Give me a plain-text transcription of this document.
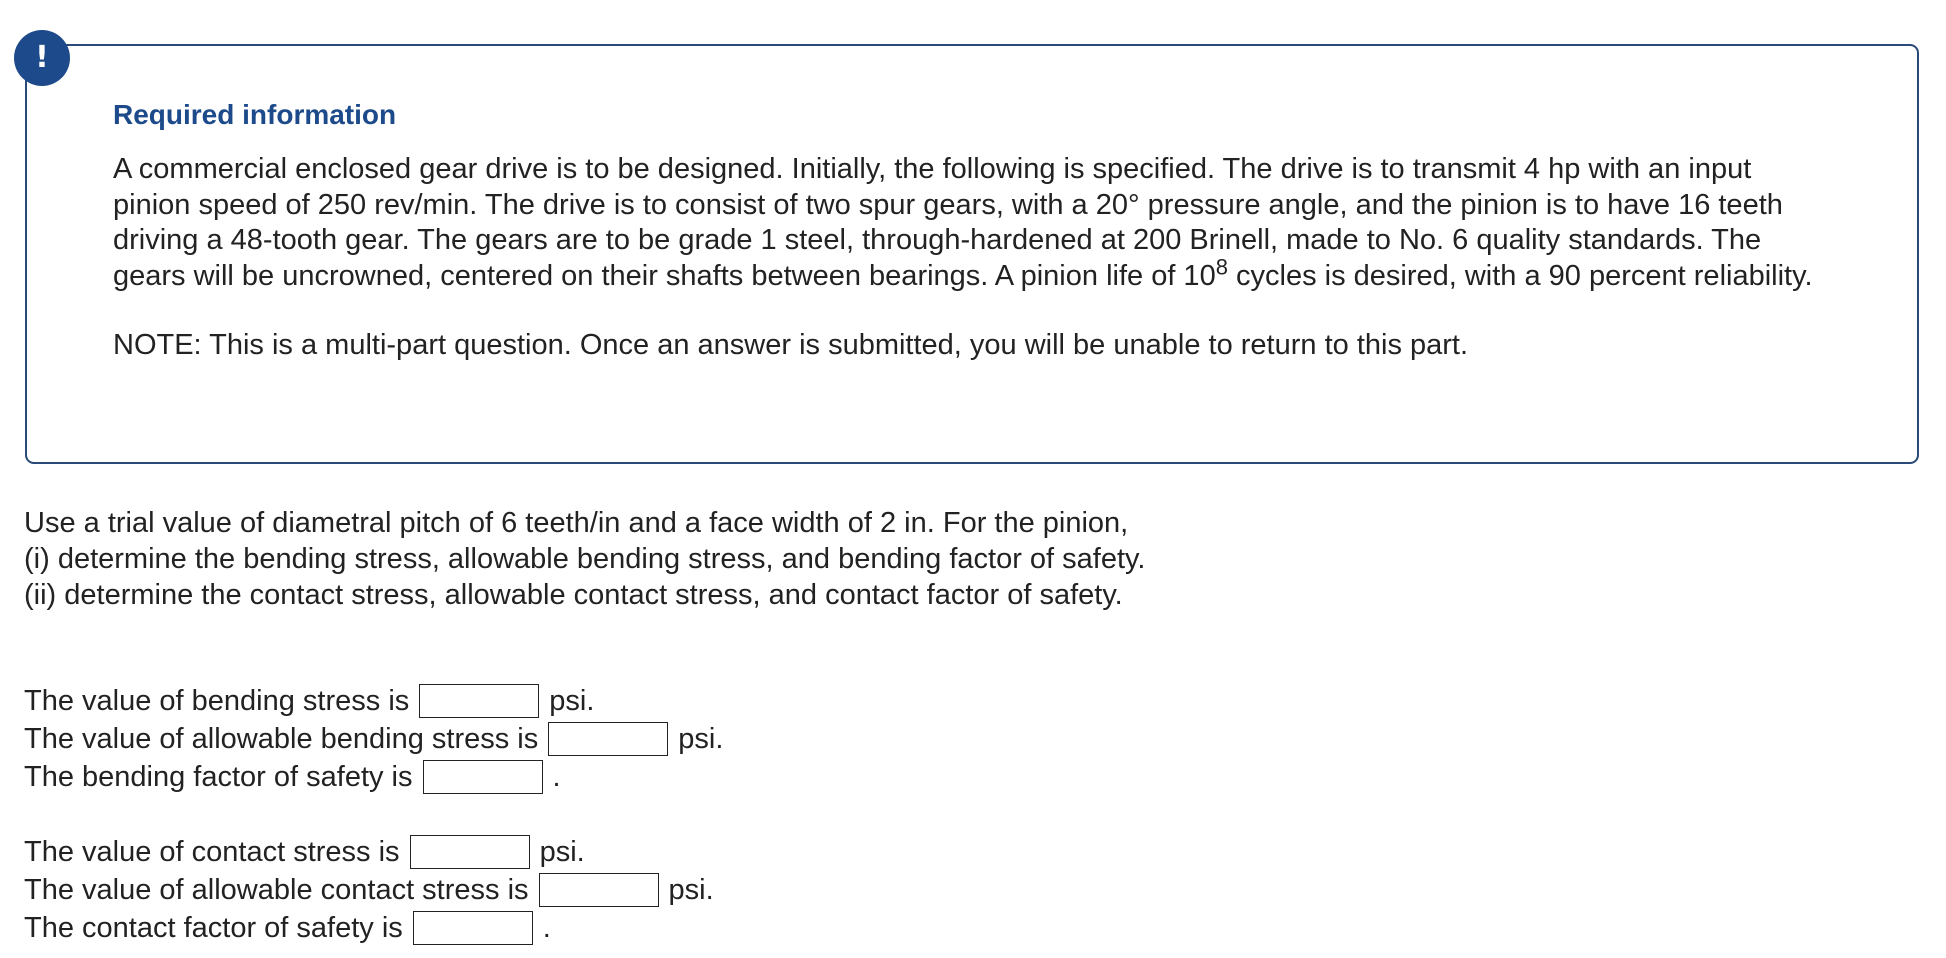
!
Required information

A commercial enclosed gear drive is to be designed. Initially, the following is specified. The drive is to transmit 4 hp with an input pinion speed of 250 rev/min. The drive is to consist of two spur gears, with a 20° pressure angle, and the pinion is to have 16 teeth driving a 48-tooth gear. The gears are to be grade 1 steel, through-hardened at 200 Brinell, made to No. 6 quality standards. The gears will be uncrowned, centered on their shafts between bearings. A pinion life of $10^8$ cycles is desired, with a 90 percent reliability.

NOTE: This is a multi-part question. Once an answer is submitted, you will be unable to return to this part.

Use a trial value of diametral pitch of 6 teeth/in and a face width of 2 in. For the pinion,

(i) determine the bending stress, allowable bending stress, and bending factor of safety.

(ii) determine the contact stress, allowable contact stress, and contact factor of safety.

The value of bending stress is	psi.
The value of allowable bending stress is	psi.
The bending factor of safety is	.
The value of contact stress is	psi.
The value of allowable contact stress is	psi.
The contact factor of safety is	.
